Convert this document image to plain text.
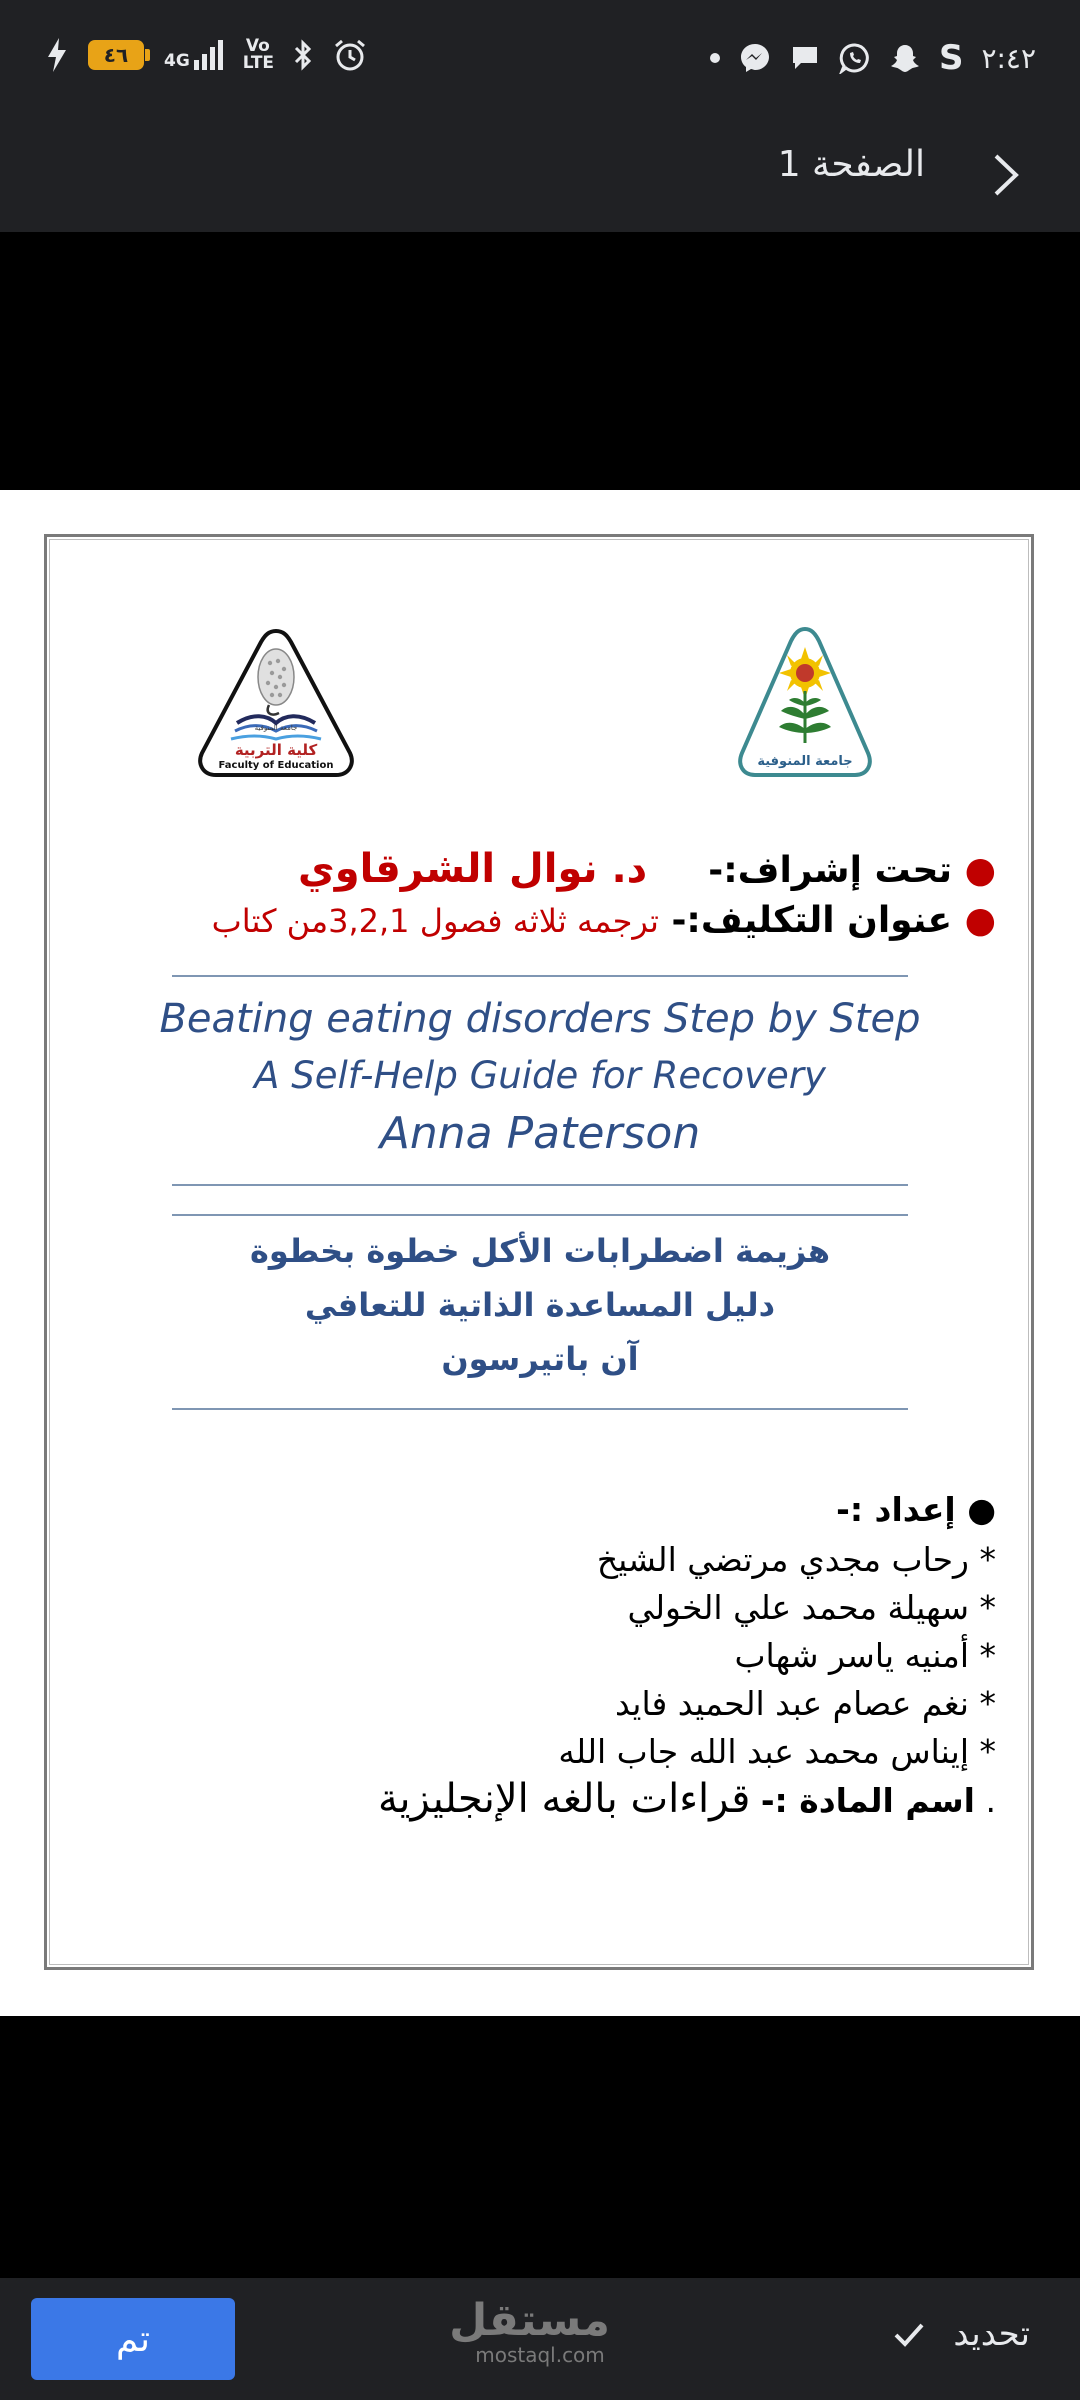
٤٦	4G
Vo LTE	S ٢:٤٢
الصفحة 1
جامعة المنوفية
كلية التربية
Faculty of Education	جامعة المنوفية
● تحت إشراف:-  د. نوال الشرقاوي
● عنوان التكليف:- ترجمه ثلاثه فصول 3,2,1من كتاب
Beating eating disorders Step by Step
A Self-Help Guide for Recovery
Anna Paterson
هزيمة اضطرابات الأكل خطوة بخطوة
دليل المساعدة الذاتية للتعافي
آن باتيرسون
● إعداد :-
* رحاب مجدي مرتضي الشيخ
* سهيلة محمد علي الخولي
* أمنيه ياسر شهاب
* نغم عصام عبد الحميد فايد
* إيناس محمد عبد الله جاب الله
. اسم المادة :- قراءات بالغه الإنجليزية
تم	مستقل
mostaql.com
تحديد
